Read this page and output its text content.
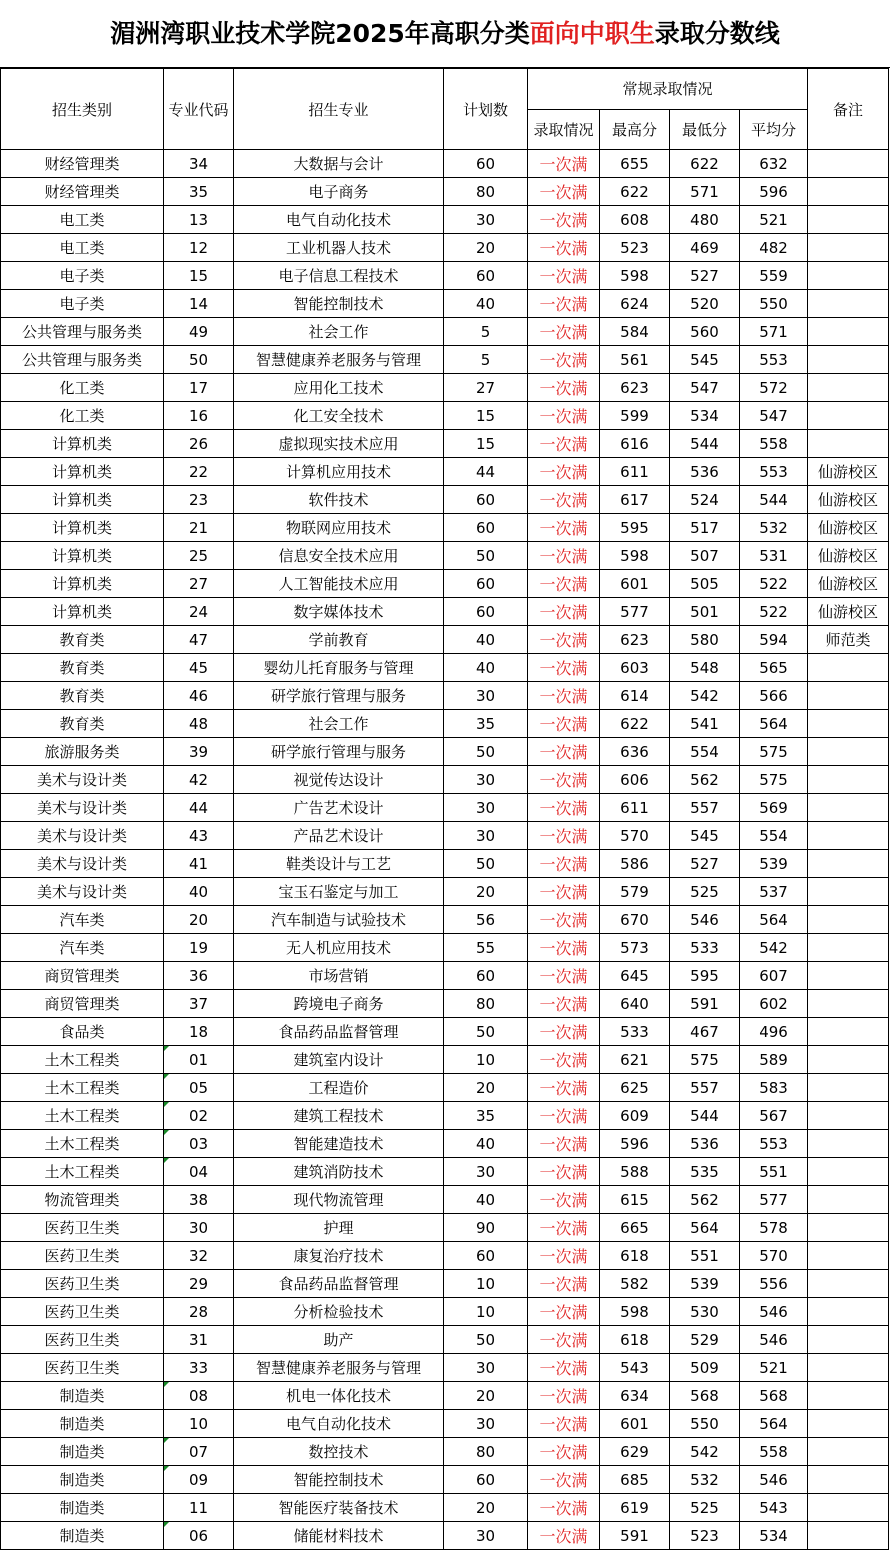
湄洲湾职业技术学院2025年高职分类面向中职生录取分数线
招生类别	专业代码	招生专业	计划数	常规录取情况				备注
				录取情况	最高分	最低分	平均分	
财经管理类	34	大数据与会计	60	一次满	655	622	632	
财经管理类	35	电子商务	80	一次满	622	571	596	
电工类	13	电气自动化技术	30	一次满	608	480	521	
电工类	12	工业机器人技术	20	一次满	523	469	482	
电子类	15	电子信息工程技术	60	一次满	598	527	559	
电子类	14	智能控制技术	40	一次满	624	520	550	
公共管理与服务类	49	社会工作	5	一次满	584	560	571	
公共管理与服务类	50	智慧健康养老服务与管理	5	一次满	561	545	553	
化工类	17	应用化工技术	27	一次满	623	547	572	
化工类	16	化工安全技术	15	一次满	599	534	547	
计算机类	26	虚拟现实技术应用	15	一次满	616	544	558	
计算机类	22	计算机应用技术	44	一次满	611	536	553	仙游校区
计算机类	23	软件技术	60	一次满	617	524	544	仙游校区
计算机类	21	物联网应用技术	60	一次满	595	517	532	仙游校区
计算机类	25	信息安全技术应用	50	一次满	598	507	531	仙游校区
计算机类	27	人工智能技术应用	60	一次满	601	505	522	仙游校区
计算机类	24	数字媒体技术	60	一次满	577	501	522	仙游校区
教育类	47	学前教育	40	一次满	623	580	594	师范类
教育类	45	婴幼儿托育服务与管理	40	一次满	603	548	565	
教育类	46	研学旅行管理与服务	30	一次满	614	542	566	
教育类	48	社会工作	35	一次满	622	541	564	
旅游服务类	39	研学旅行管理与服务	50	一次满	636	554	575	
美术与设计类	42	视觉传达设计	30	一次满	606	562	575	
美术与设计类	44	广告艺术设计	30	一次满	611	557	569	
美术与设计类	43	产品艺术设计	30	一次满	570	545	554	
美术与设计类	41	鞋类设计与工艺	50	一次满	586	527	539	
美术与设计类	40	宝玉石鉴定与加工	20	一次满	579	525	537	
汽车类	20	汽车制造与试验技术	56	一次满	670	546	564	
汽车类	19	无人机应用技术	55	一次满	573	533	542	
商贸管理类	36	市场营销	60	一次满	645	595	607	
商贸管理类	37	跨境电子商务	80	一次满	640	591	602	
食品类	18	食品药品监督管理	50	一次满	533	467	496	
土木工程类	01	建筑室内设计	10	一次满	621	575	589	
土木工程类	05	工程造价	20	一次满	625	557	583	
土木工程类	02	建筑工程技术	35	一次满	609	544	567	
土木工程类	03	智能建造技术	40	一次满	596	536	553	
土木工程类	04	建筑消防技术	30	一次满	588	535	551	
物流管理类	38	现代物流管理	40	一次满	615	562	577	
医药卫生类	30	护理	90	一次满	665	564	578	
医药卫生类	32	康复治疗技术	60	一次满	618	551	570	
医药卫生类	29	食品药品监督管理	10	一次满	582	539	556	
医药卫生类	28	分析检验技术	10	一次满	598	530	546	
医药卫生类	31	助产	50	一次满	618	529	546	
医药卫生类	33	智慧健康养老服务与管理	30	一次满	543	509	521	
制造类	08	机电一体化技术	20	一次满	634	568	568	
制造类	10	电气自动化技术	30	一次满	601	550	564	
制造类	07	数控技术	80	一次满	629	542	558	
制造类	09	智能控制技术	60	一次满	685	532	546	
制造类	11	智能医疗装备技术	20	一次满	619	525	543	
制造类	06	储能材料技术	30	一次满	591	523	534	
